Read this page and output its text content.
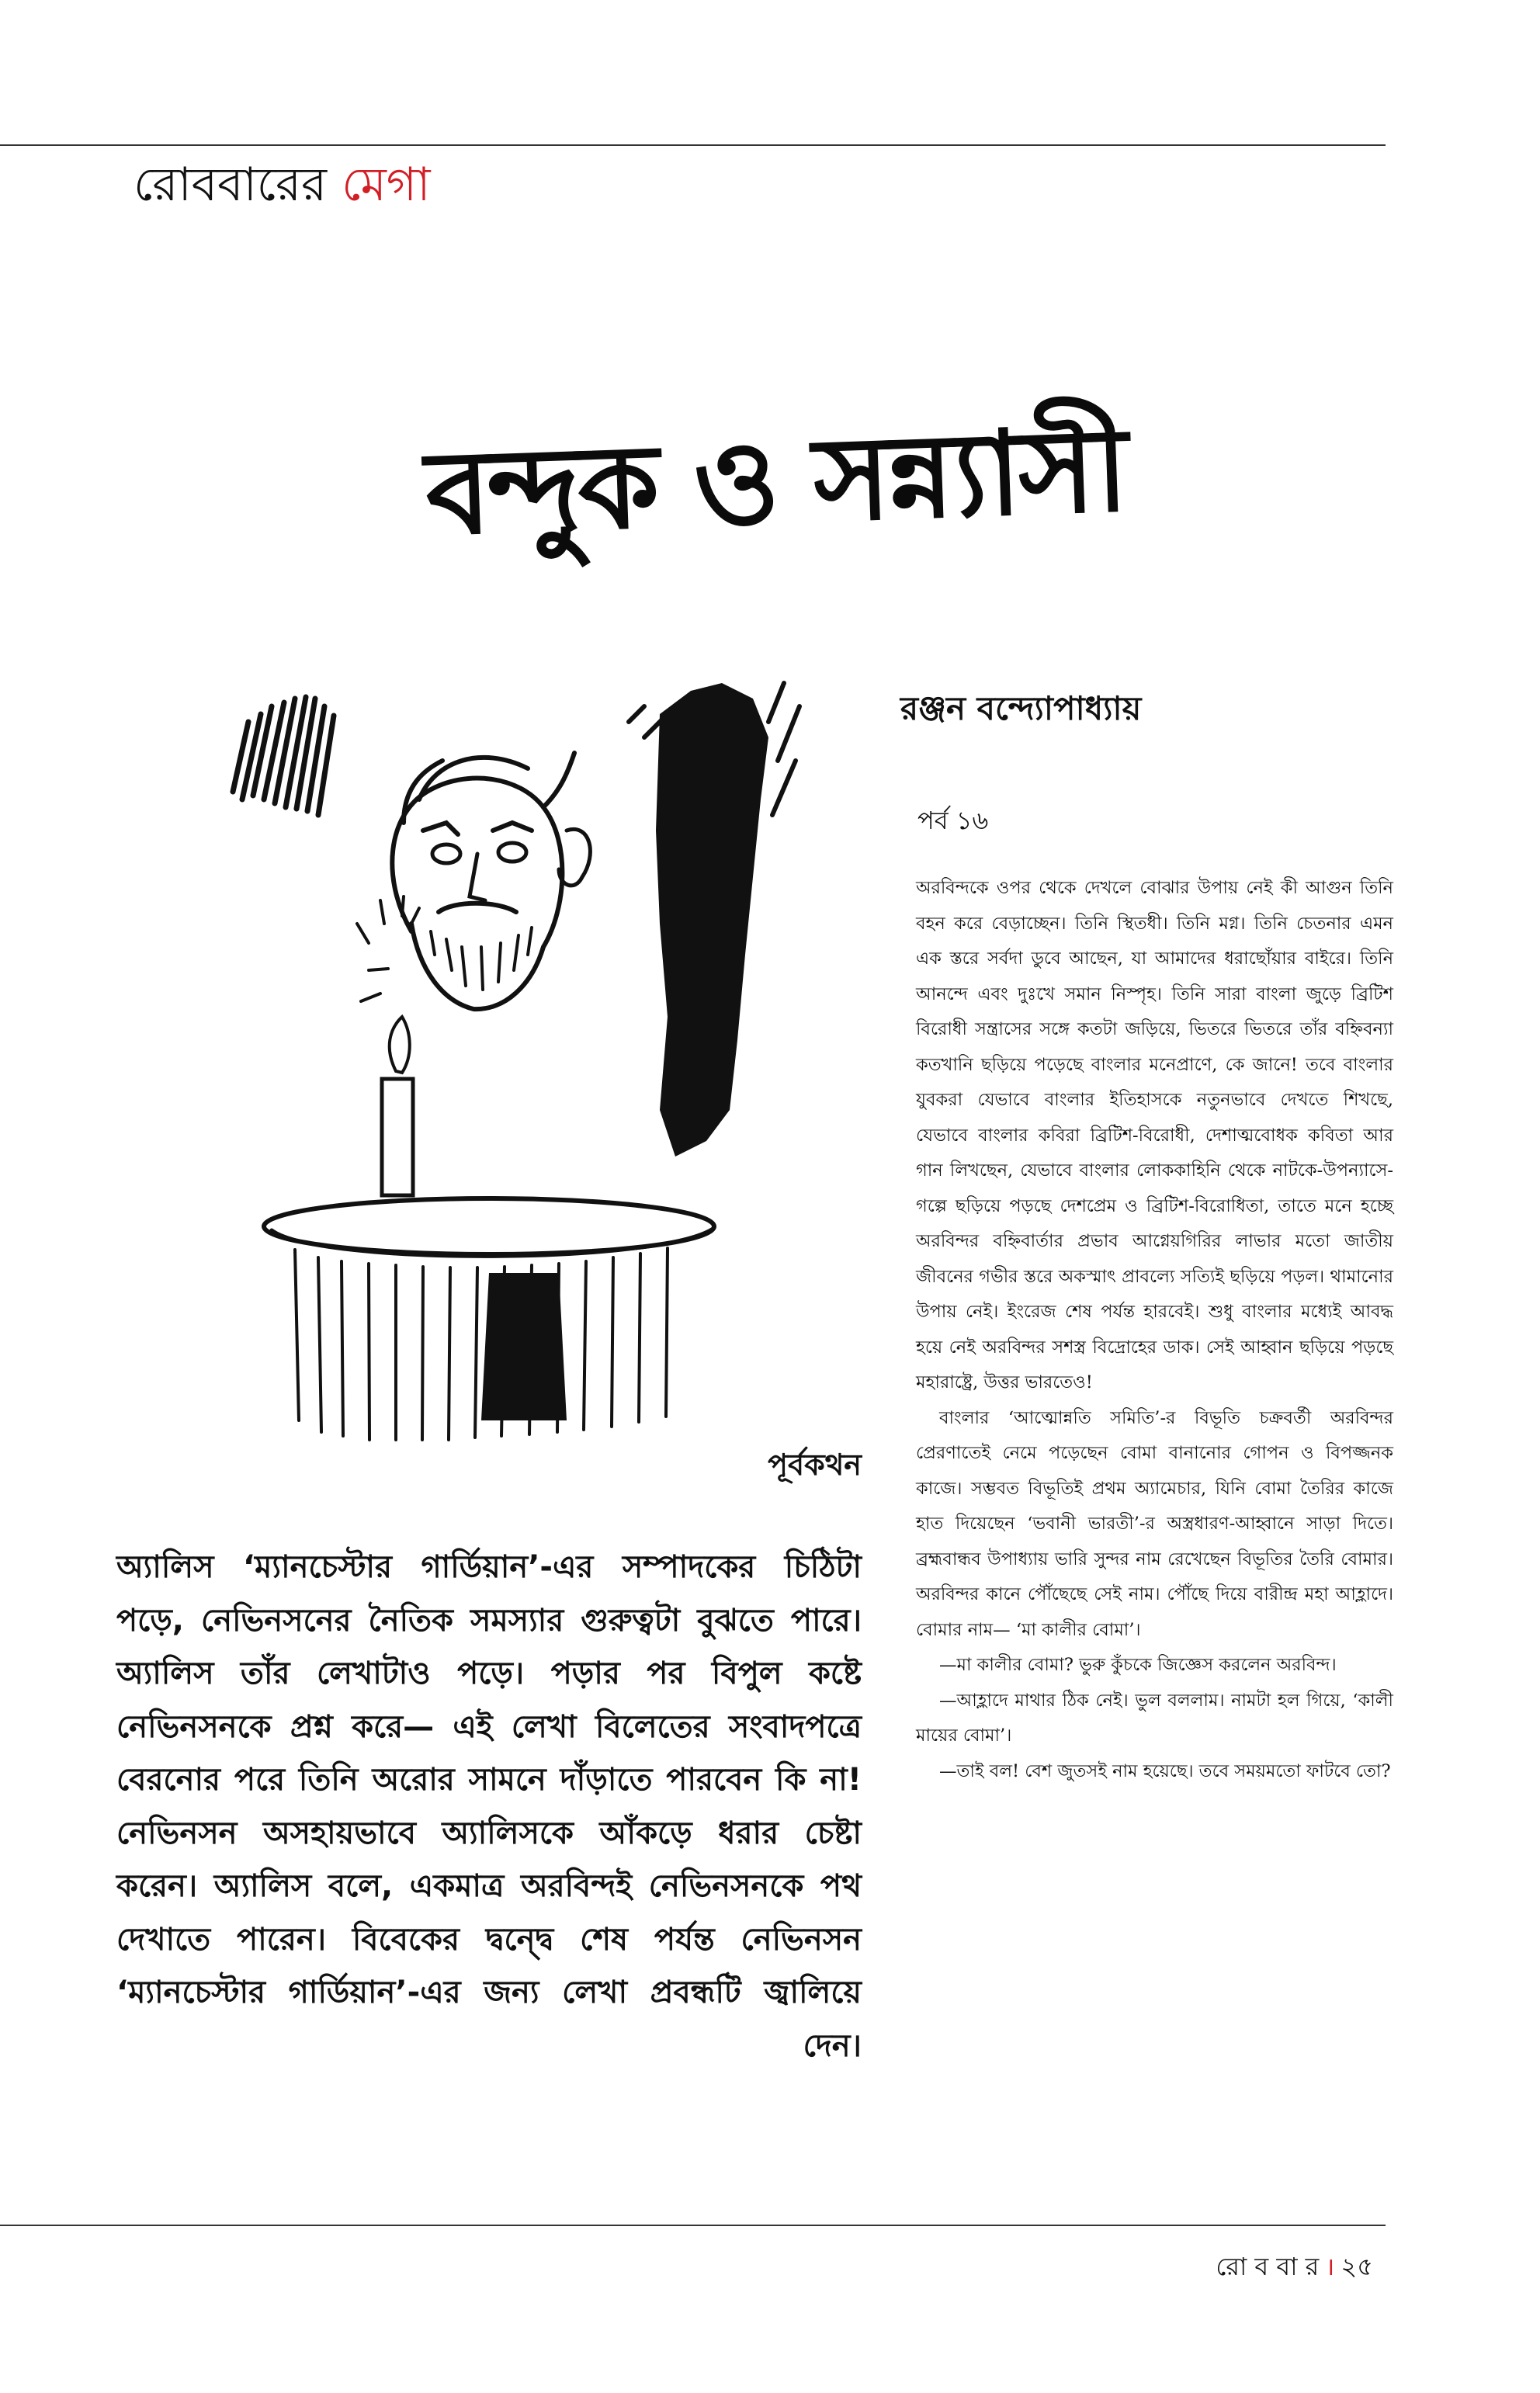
রোববারের মেগা
বন্দুক ও সন্ন্যাসী
রঞ্জন বন্দ্যোপাধ্যায়
পর্ব ১৬

অরবিন্দকে ওপর থেকে দেখলে বোঝার উপায় নেই কী আগুন তিনি বহন করে বেড়াচ্ছেন। তিনি স্থিতধী। তিনি মগ্ন। তিনি চেতনার এমন এক স্তরে সর্বদা ডুবে আছেন, যা আমাদের ধরাছোঁয়ার বাইরে। তিনি আনন্দে এবং দুঃখে সমান নিস্পৃহ। তিনি সারা বাংলা জুড়ে ব্রিটিশ বিরোধী সন্ত্রাসের সঙ্গে কতটা জড়িয়ে, ভিতরে ভিতরে তাঁর বহ্নিবন্যা কতখানি ছড়িয়ে পড়েছে বাংলার মনেপ্রাণে, কে জানে! তবে বাংলার যুবকরা যেভাবে বাংলার ইতিহাসকে নতুনভাবে দেখতে শিখছে, যেভাবে বাংলার কবিরা ব্রিটিশ-বিরোধী, দেশাত্মবোধক কবিতা আর গান লিখছেন, যেভাবে বাংলার লোককাহিনি থেকে নাটকে-উপন্যাসে-গল্পে ছড়িয়ে পড়ছে দেশপ্রেম ও ব্রিটিশ-বিরোধিতা, তাতে মনে হচ্ছে অরবিন্দর বহ্নিবার্তার প্রভাব আগ্নেয়গিরির লাভার মতো জাতীয় জীবনের গভীর স্তরে অকস্মাৎ প্রাবল্যে সত্যিই ছড়িয়ে পড়ল। থামানোর উপায় নেই। ইংরেজ শেষ পর্যন্ত হারবেই। শুধু বাংলার মধ্যেই আবদ্ধ হয়ে নেই অরবিন্দর সশস্ত্র বিদ্রোহের ডাক। সেই আহ্বান ছড়িয়ে পড়ছে মহারাষ্ট্রে, উত্তর ভারতেও!

বাংলার ‘আত্মোন্নতি সমিতি’-র বিভূতি চক্রবর্তী অরবিন্দর প্রেরণাতেই নেমে পড়েছেন বোমা বানানোর গোপন ও বিপজ্জনক কাজে। সম্ভবত বিভূতিই প্রথম অ্যামেচার, যিনি বোমা তৈরির কাজে হাত দিয়েছেন ‘ভবানী ভারতী’-র অস্ত্রধারণ-আহ্বানে সাড়া দিতে। ব্রহ্মবান্ধব উপাধ্যায় ভারি সুন্দর নাম রেখেছেন বিভূতির তৈরি বোমার। অরবিন্দর কানে পৌঁছেছে সেই নাম। পৌঁছে দিয়ে বারীন্দ্র মহা আহ্লাদে। বোমার নাম— ‘মা কালীর বোমা’।

—মা কালীর বোমা? ভুরু কুঁচকে জিজ্ঞেস করলেন অরবিন্দ।

—আহ্লাদে মাথার ঠিক নেই। ভুল বললাম। নামটা হল গিয়ে, ‘কালী মায়ের বোমা’।

—তাই বল! বেশ জুতসই নাম হয়েছে। তবে সময়মতো ফাটবে তো?

পূর্বকথন
অ্যালিস ‘ম্যানচেস্টার গার্ডিয়ান’-এর সম্পাদকের চিঠিটা পড়ে, নেভিনসনের নৈতিক সমস্যার গুরুত্বটা বুঝতে পারে। অ্যালিস তাঁর লেখাটাও পড়ে। পড়ার পর বিপুল কষ্টে নেভিনসনকে প্রশ্ন করে— এই লেখা বিলেতের সংবাদপত্রে বেরনোর পরে তিনি অরোর সামনে দাঁড়াতে পারবেন কি না! নেভিনসন অসহায়ভাবে অ্যালিসকে আঁকড়ে ধরার চেষ্টা করেন। অ্যালিস বলে, একমাত্র অরবিন্দই নেভিনসনকে পথ দেখাতে পারেন। বিবেকের দ্বন্দ্বে শেষ পর্যন্ত নেভিনসন ‘ম্যানচেস্টার গার্ডিয়ান’-এর জন্য লেখা প্রবন্ধটি জ্বালিয়ে দেন।
রো ব বা র । ২৫
